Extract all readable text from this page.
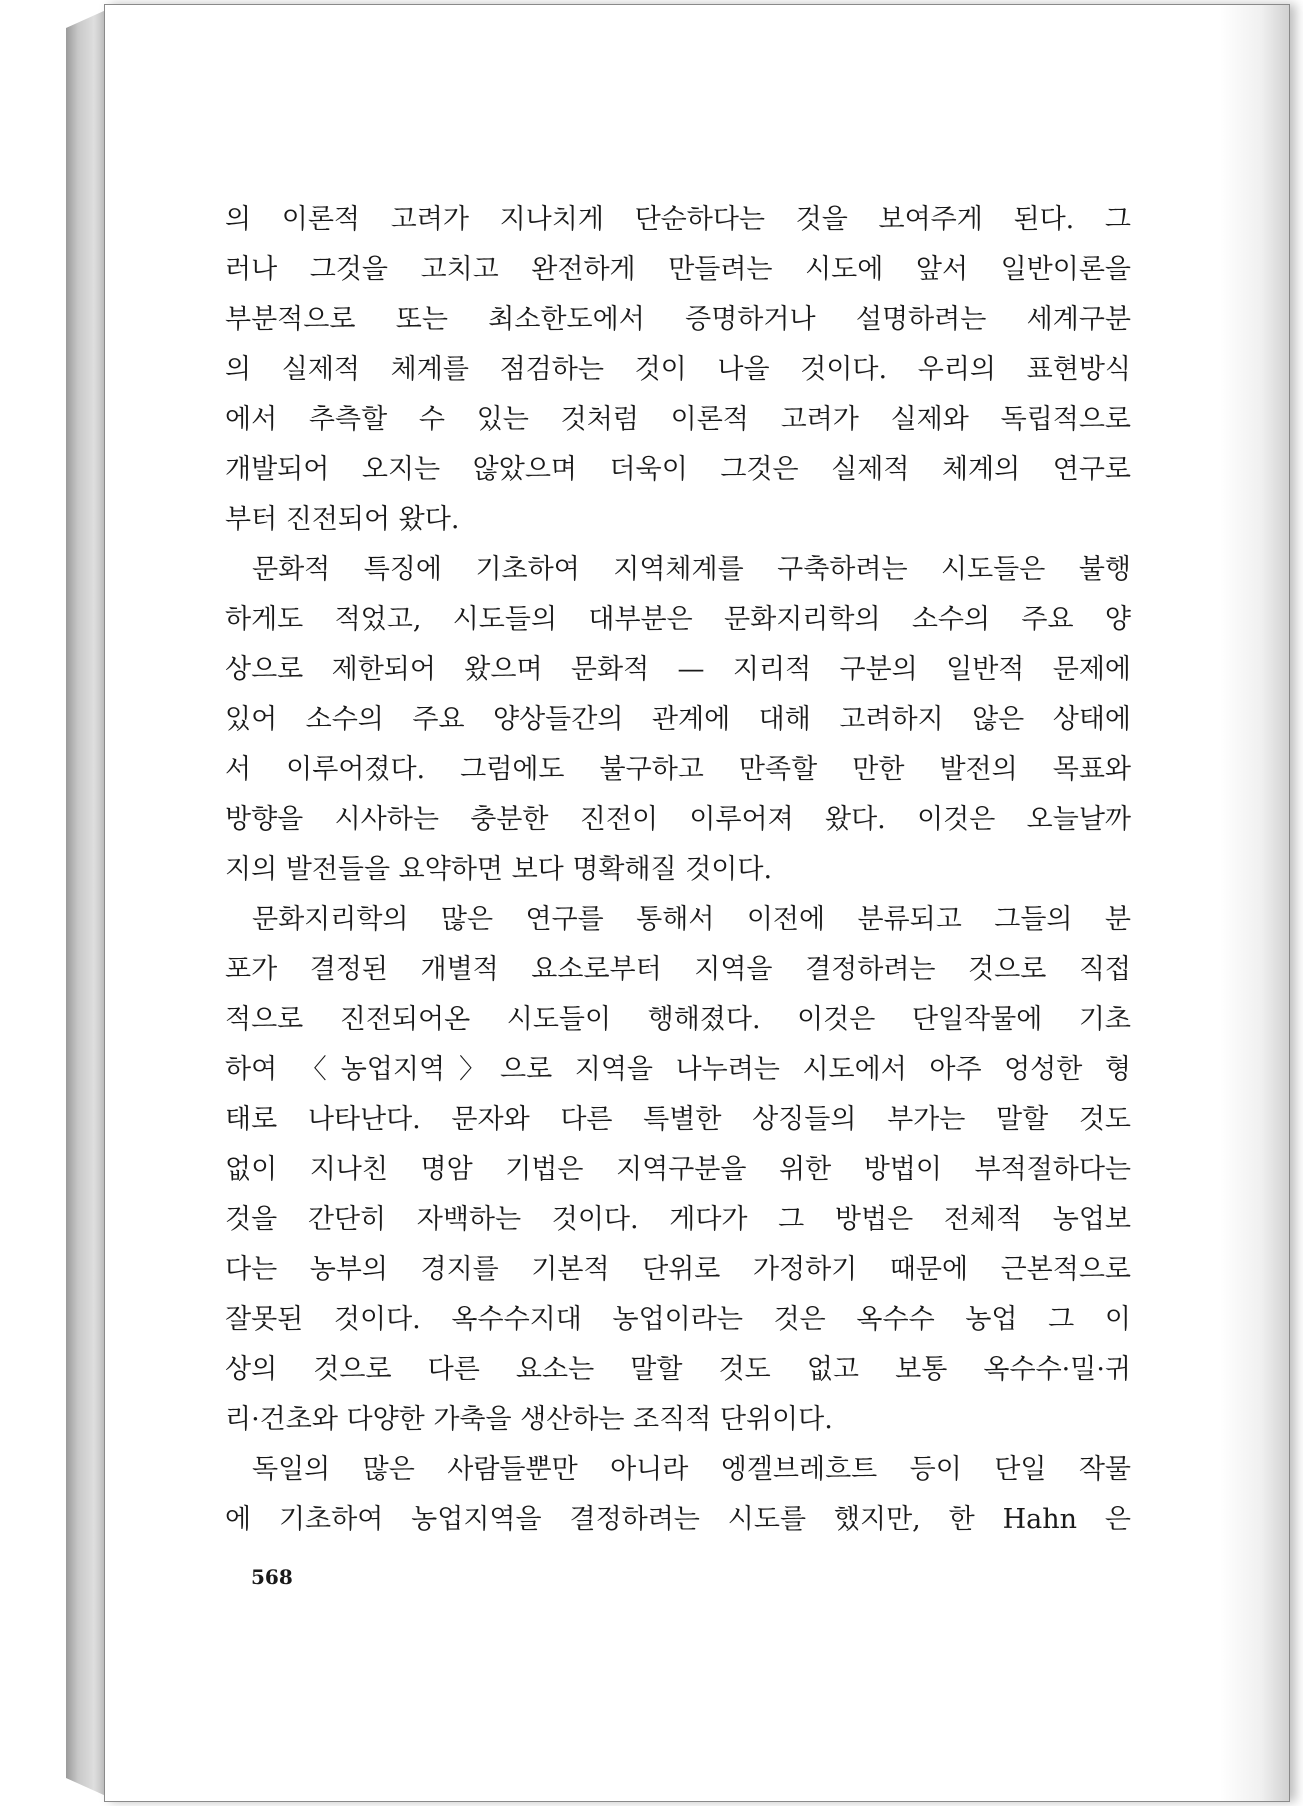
의 이론적 고려가 지나치게 단순하다는 것을 보여주게 된다. 그
러나 그것을 고치고 완전하게 만들려는 시도에 앞서 일반이론을
부분적으로 또는 최소한도에서 증명하거나 설명하려는 세계구분
의 실제적 체계를 점검하는 것이 나을 것이다. 우리의 표현방식
에서 추측할 수 있는 것처럼 이론적 고려가 실제와 독립적으로
개발되어 오지는 않았으며 더욱이 그것은 실제적 체계의 연구로
부터 진전되어 왔다.
문화적 특징에 기초하여 지역체계를 구축하려는 시도들은 불행
하게도 적었고, 시도들의 대부분은 문화지리학의 소수의 주요 양
상으로 제한되어 왔으며 문화적 — 지리적 구분의 일반적 문제에
있어 소수의 주요 양상들간의 관계에 대해 고려하지 않은 상태에
서 이루어졌다. 그럼에도 불구하고 만족할 만한 발전의 목표와
방향을 시사하는 충분한 진전이 이루어져 왔다. 이것은 오늘날까
지의 발전들을 요약하면 보다 명확해질 것이다.
문화지리학의 많은 연구를 통해서 이전에 분류되고 그들의 분
포가 결정된 개별적 요소로부터 지역을 결정하려는 것으로 직접
적으로 진전되어온 시도들이 행해졌다. 이것은 단일작물에 기초
하여 〈농업지역〉으로 지역을 나누려는 시도에서 아주 엉성한 형
태로 나타난다. 문자와 다른 특별한 상징들의 부가는 말할 것도
없이 지나친 명암 기법은 지역구분을 위한 방법이 부적절하다는
것을 간단히 자백하는 것이다. 게다가 그 방법은 전체적 농업보
다는 농부의 경지를 기본적 단위로 가정하기 때문에 근본적으로
잘못된 것이다. 옥수수지대 농업이라는 것은 옥수수 농업 그 이
상의 것으로 다른 요소는 말할 것도 없고 보통 옥수수·밀·귀
리·건초와 다양한 가축을 생산하는 조직적 단위이다.
독일의 많은 사람들뿐만 아니라 엥겔브레흐트 등이 단일 작물
에 기초하여 농업지역을 결정하려는 시도를 했지만, 한 Hahn 은
568
